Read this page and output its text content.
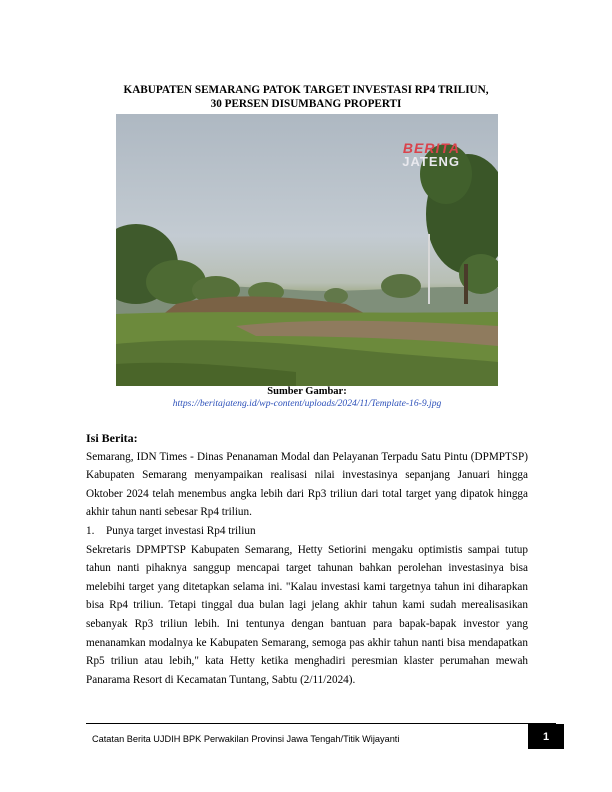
KABUPATEN SEMARANG PATOK TARGET INVESTASI RP4 TRILIUN,
30 PERSEN DISUMBANG PROPERTI
BERITA
JATENG
Sumber Gambar:
https://beritajateng.id/wp-content/uploads/2024/11/Template-16-9.jpg

Isi Berita:

Semarang, IDN Times - Dinas Penanaman Modal dan Pelayanan Terpadu Satu Pintu (DPMPTSP) Kabupaten Semarang menyampaikan realisasi nilai investasinya sepanjang Januari hingga Oktober 2024 telah menembus angka lebih dari Rp3 triliun dari total target yang dipatok hingga akhir tahun nanti sebesar Rp4 triliun.

1.	Punya target investasi Rp4 triliun

Sekretaris DPMPTSP Kabupaten Semarang, Hetty Setiorini mengaku optimistis sampai tutup tahun nanti pihaknya sanggup mencapai target tahunan bahkan perolehan investasinya bisa melebihi target yang ditetapkan selama ini. "Kalau investasi kami targetnya tahun ini diharapkan bisa Rp4 triliun. Tetapi tinggal dua bulan lagi jelang akhir tahun kami sudah merealisasikan sebanyak Rp3 triliun lebih. Ini tentunya dengan bantuan para bapak-bapak investor yang menanamkan modalnya ke Kabupaten Semarang, semoga pas akhir tahun nanti bisa mendapatkan Rp5 triliun atau lebih," kata Hetty ketika menghadiri peresmian klaster perumahan mewah Panarama Resort di Kecamatan Tuntang, Sabtu (2/11/2024).

Catatan Berita UJDIH BPK Perwakilan Provinsi Jawa Tengah/Titik Wijayanti	1
